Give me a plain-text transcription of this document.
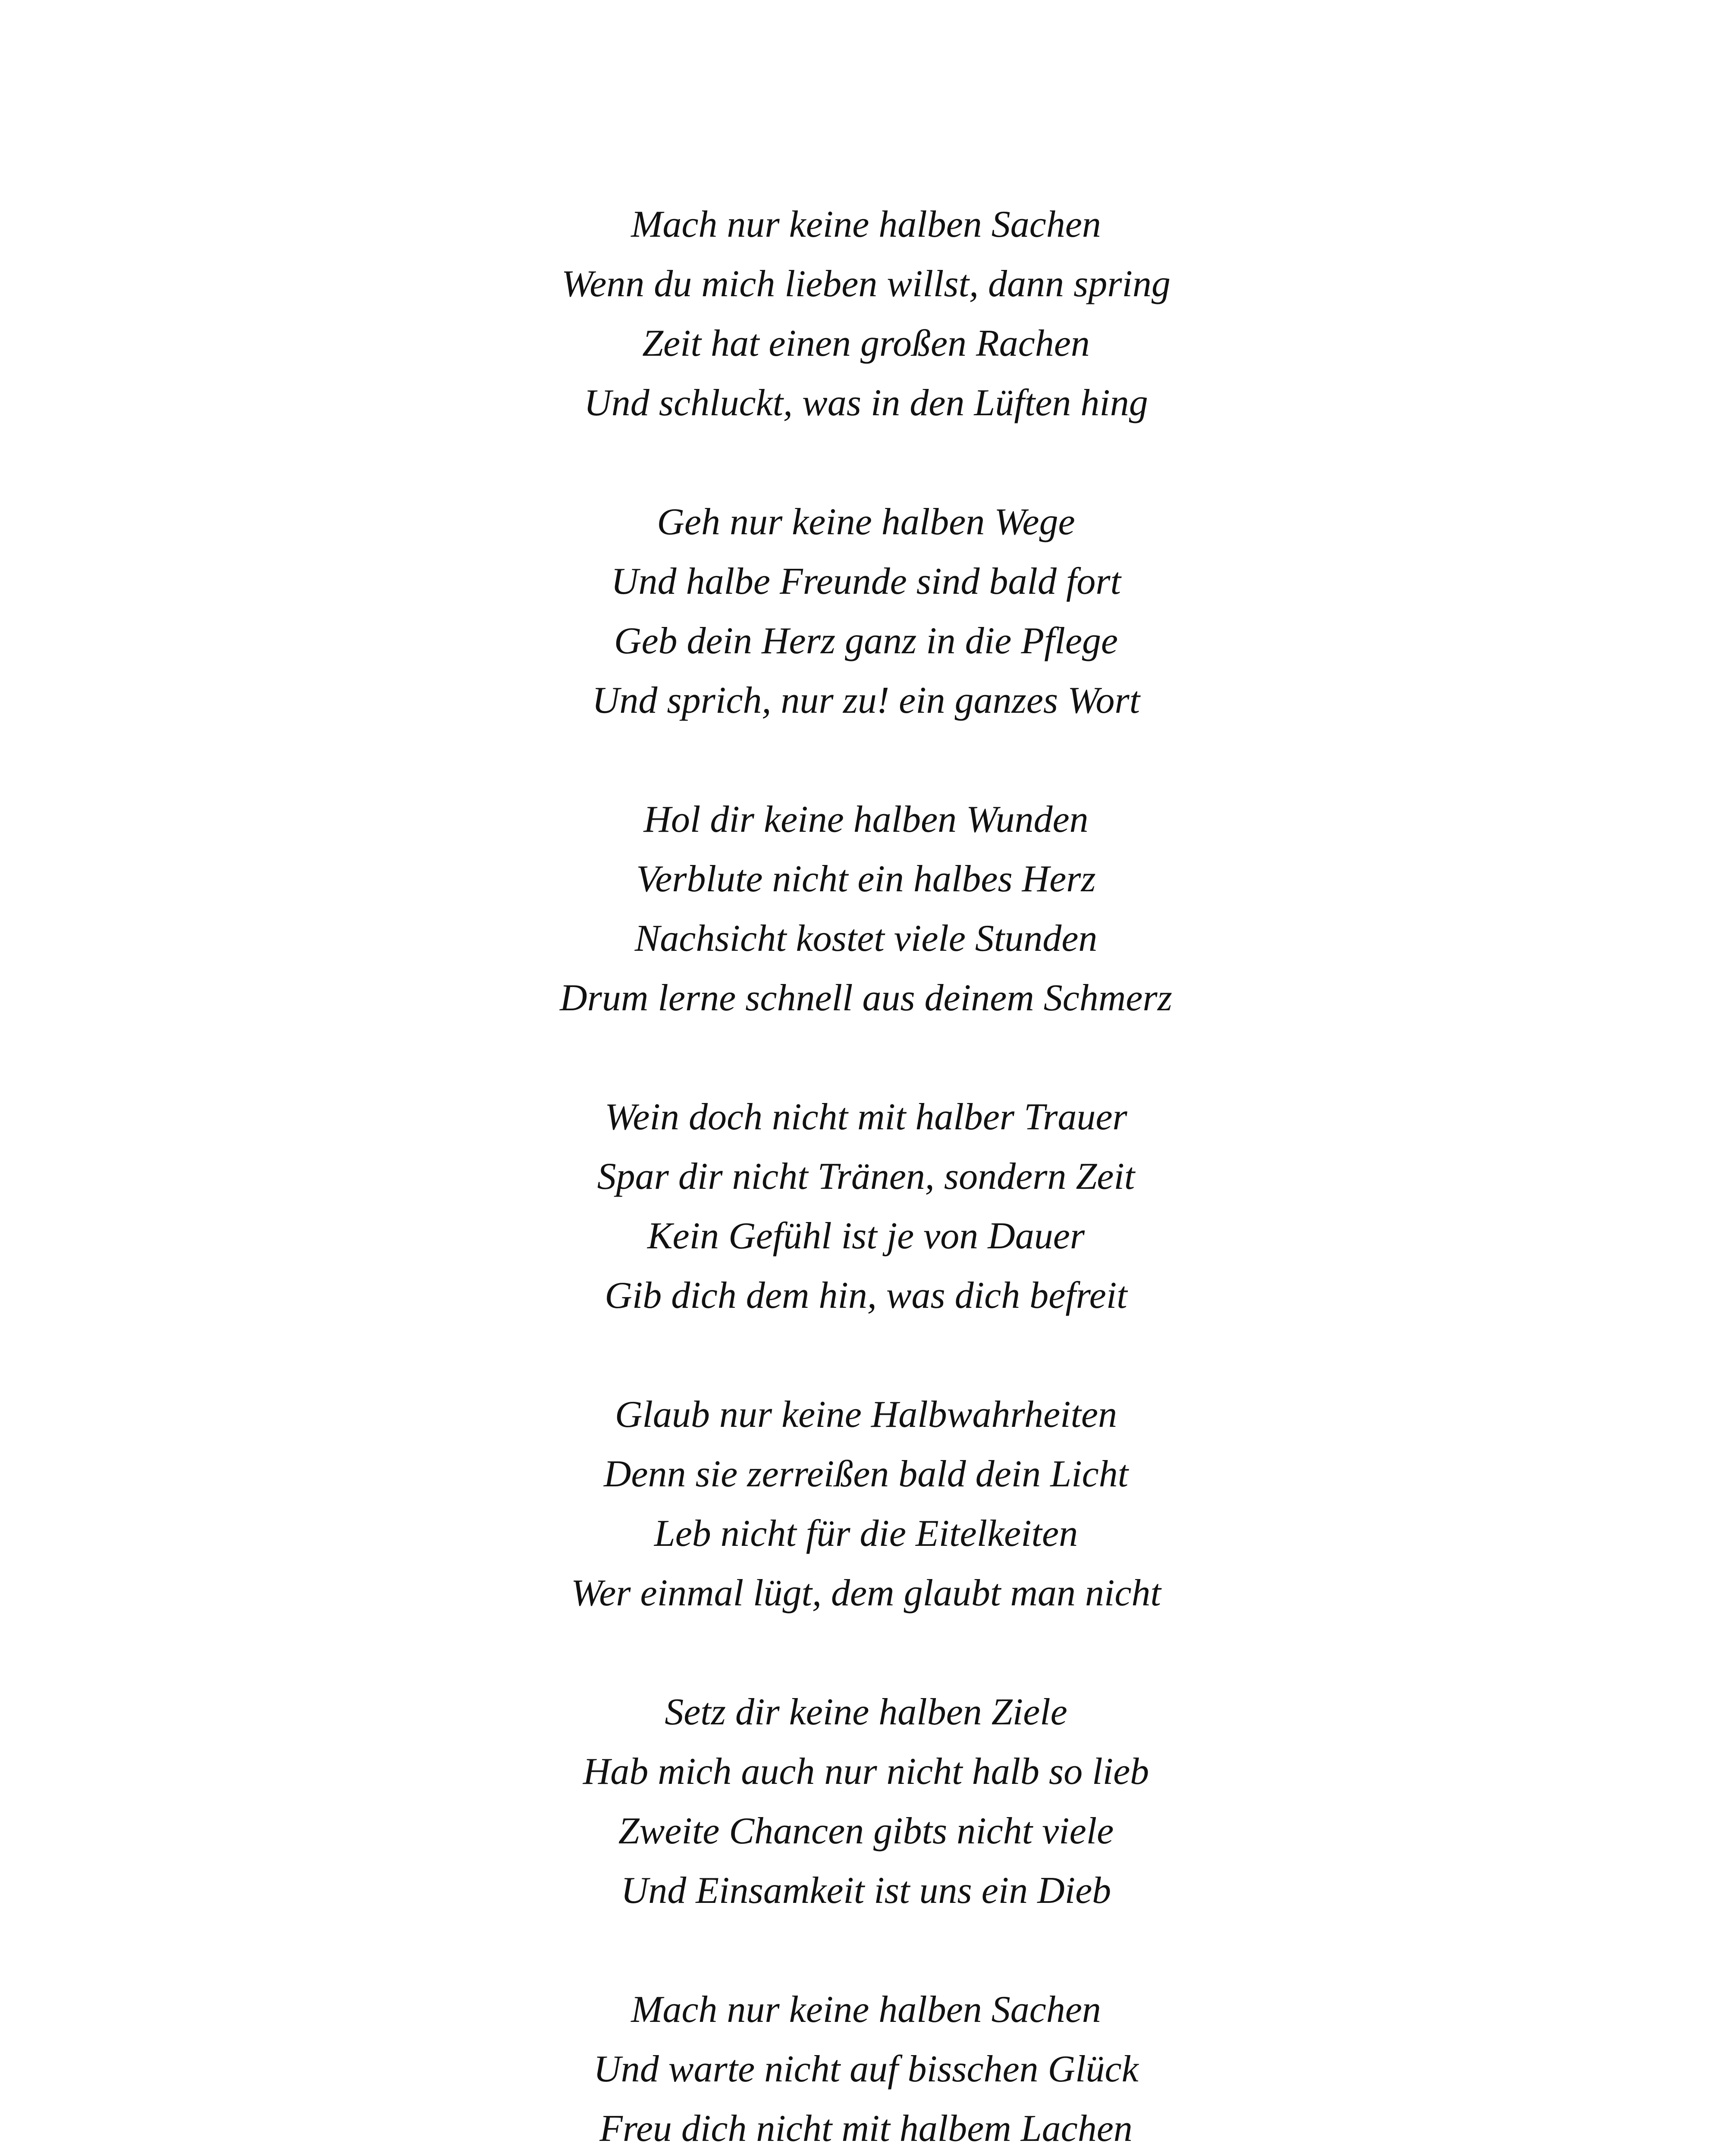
Mach nur keine halben Sachen
Wenn du mich lieben willst, dann spring
Zeit hat einen großen Rachen
Und schluckt, was in den Lüften hing
Geh nur keine halben Wege
Und halbe Freunde sind bald fort
Geb dein Herz ganz in die Pflege
Und sprich, nur zu! ein ganzes Wort
Hol dir keine halben Wunden
Verblute nicht ein halbes Herz
Nachsicht kostet viele Stunden
Drum lerne schnell aus deinem Schmerz
Wein doch nicht mit halber Trauer
Spar dir nicht Tränen, sondern Zeit
Kein Gefühl ist je von Dauer
Gib dich dem hin, was dich befreit
Glaub nur keine Halbwahrheiten
Denn sie zerreißen bald dein Licht
Leb nicht für die Eitelkeiten
Wer einmal lügt, dem glaubt man nicht
Setz dir keine halben Ziele
Hab mich auch nur nicht halb so lieb
Zweite Chancen gibts nicht viele
Und Einsamkeit ist uns ein Dieb
Mach nur keine halben Sachen
Und warte nicht auf bisschen Glück
Freu dich nicht mit halbem Lachen
